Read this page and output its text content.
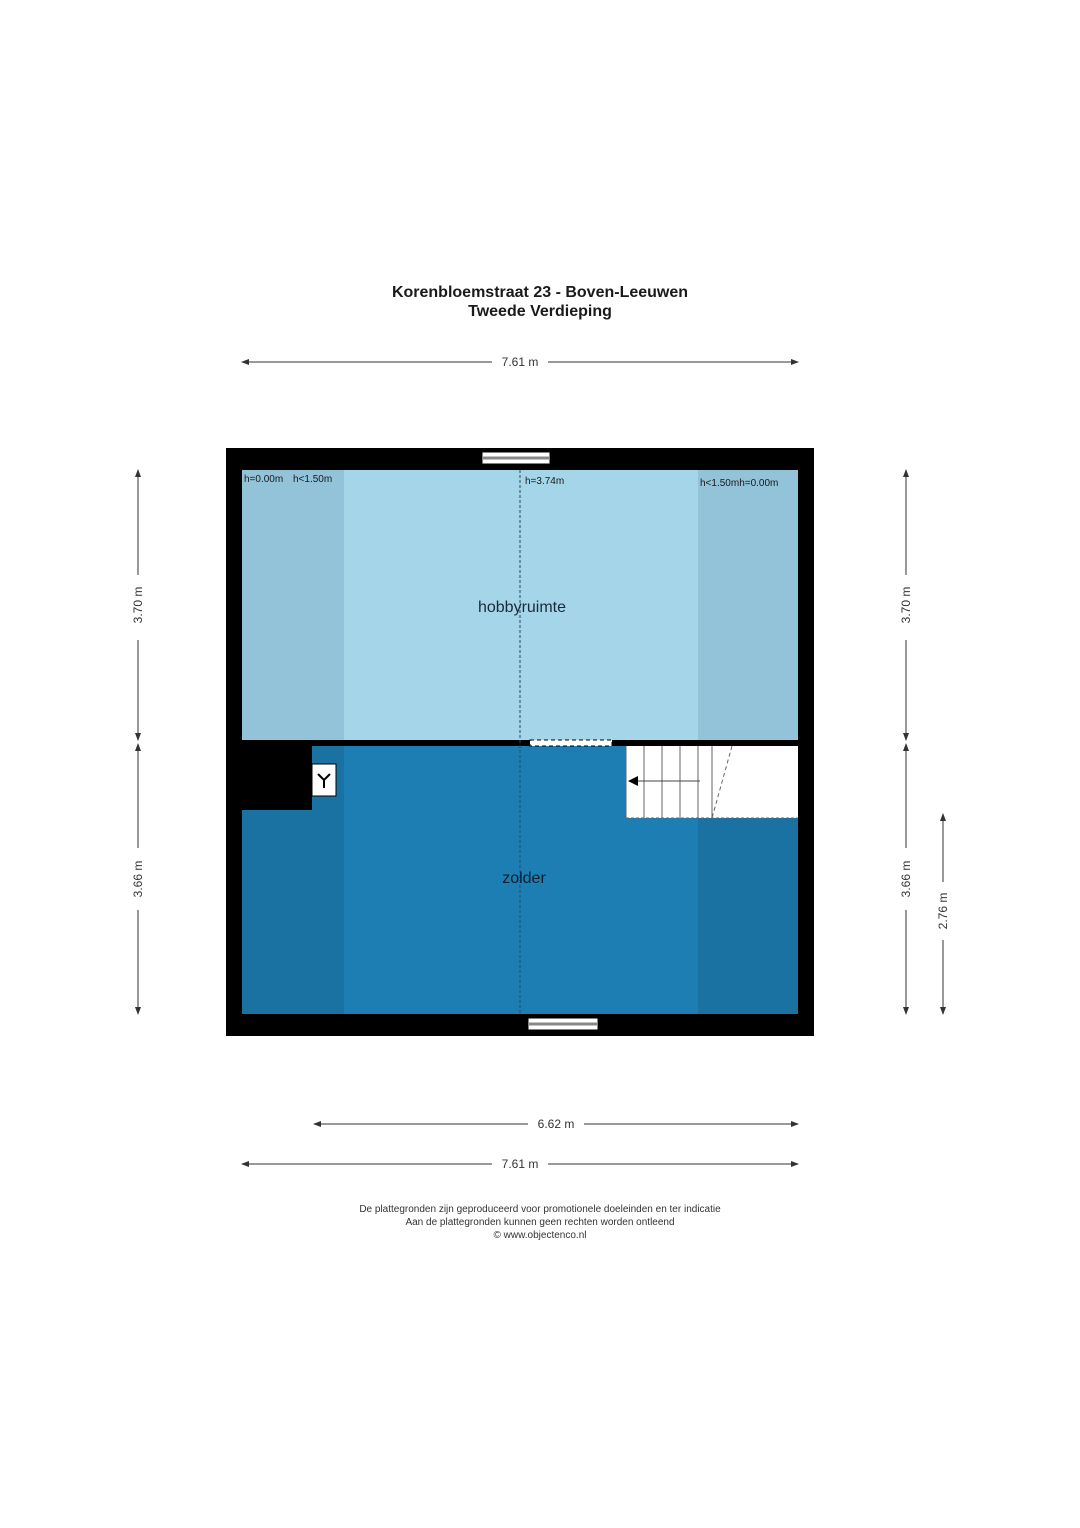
Korenbloemstraat 23 - Boven-Leeuwen
Tweede Verdieping
7.61 m
h=0.00m h<1.50m	h=3.74m	h<1.50mh=0.00m
hobbyruimte
zolder
3.70 m
3.66 m
3.70 m
3.66 m
2.76 m
6.62 m
7.61 m
De plattegronden zijn geproduceerd voor promotionele doeleinden en ter indicatie
Aan de plattegronden kunnen geen rechten worden ontleend
© www.objectenco.nl
